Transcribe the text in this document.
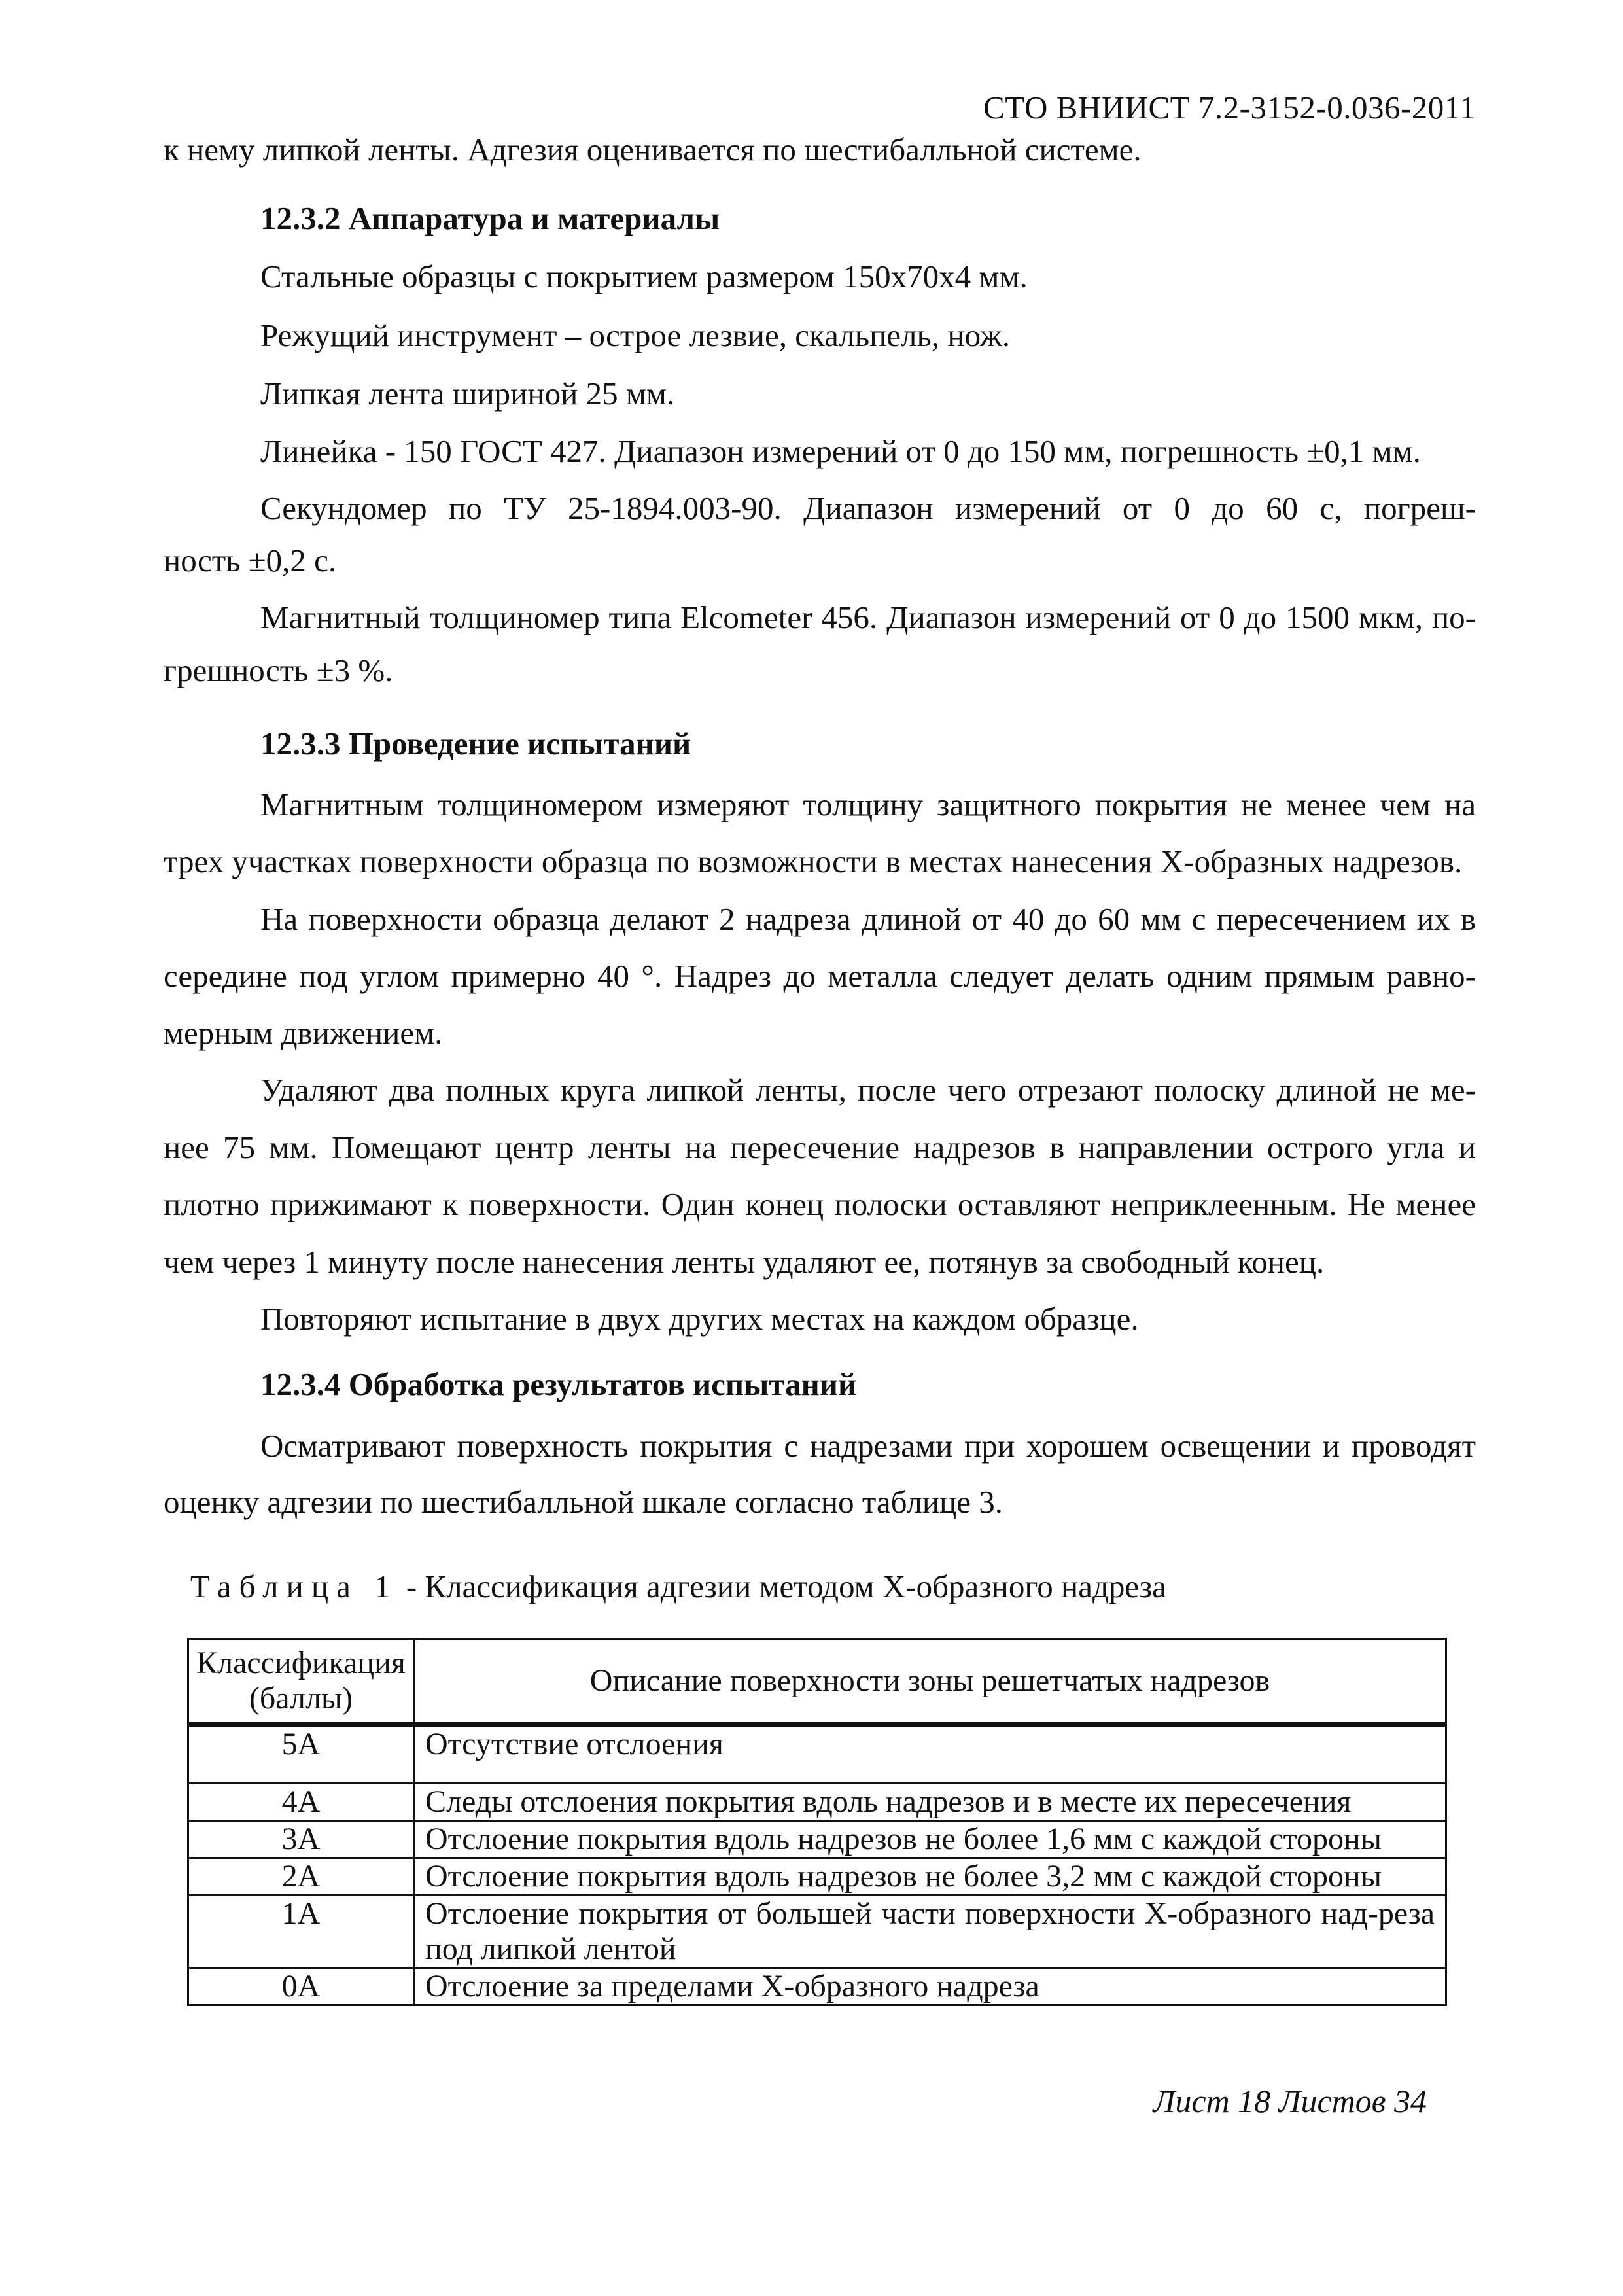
СТО ВНИИСТ 7.2-3152-0.036-2011
к нему липкой ленты. Адгезия оценивается по шестибалльной системе.
12.3.2 Аппаратура и материалы
Стальные образцы с покрытием размером 150х70х4 мм.
Режущий инструмент – острое лезвие, скальпель, нож.
Липкая лента шириной 25 мм.
Линейка - 150 ГОСТ 427. Диапазон измерений от 0 до 150 мм, погрешность ±0,1 мм.
Секундомер по ТУ 25-1894.003-90. Диапазон измерений от 0 до 60 с, погреш-
ность ±0,2 с.
Магнитный толщиномер типа Elcometer 456. Диапазон измерений от 0 до 1500 мкм, по-
грешность ±3 %.
12.3.3 Проведение испытаний
Магнитным толщиномером измеряют толщину защитного покрытия не менее чем на
трех участках поверхности образца по возможности в местах нанесения Х-образных надрезов.
На поверхности образца делают 2 надреза длиной от 40 до 60 мм с пересечением их в
середине под углом примерно 40 °. Надрез до металла следует делать одним прямым равно-
мерным движением.
Удаляют два полных круга липкой ленты, после чего отрезают полоску длиной не ме-
нее 75 мм. Помещают центр ленты на пересечение надрезов в направлении острого угла и
плотно прижимают к поверхности. Один конец полоски оставляют неприклеенным. Не менее
чем через 1 минуту после нанесения ленты удаляют ее, потянув за свободный конец.
Повторяют испытание в двух других местах на каждом образце.
12.3.4 Обработка результатов испытаний
Осматривают поверхность покрытия с надрезами при хорошем освещении и проводят
оценку адгезии по шестибалльной шкале согласно таблице 3.
Таблица 1 - Классификация адгезии методом Х-образного надреза
Классификация (баллы)	Описание поверхности зоны решетчатых надрезов
5А	Отсутствие отслоения
4А	Следы отслоения покрытия вдоль надрезов и в месте их пересечения
3А	Отслоение покрытия вдоль надрезов не более 1,6 мм с каждой стороны
2А	Отслоение покрытия вдоль надрезов не более 3,2 мм с каждой стороны
1А	Отслоение покрытия от большей части поверхности Х-образного над-реза под липкой лентой
0А	Отслоение за пределами Х-образного надреза
Лист 18 Листов 34
